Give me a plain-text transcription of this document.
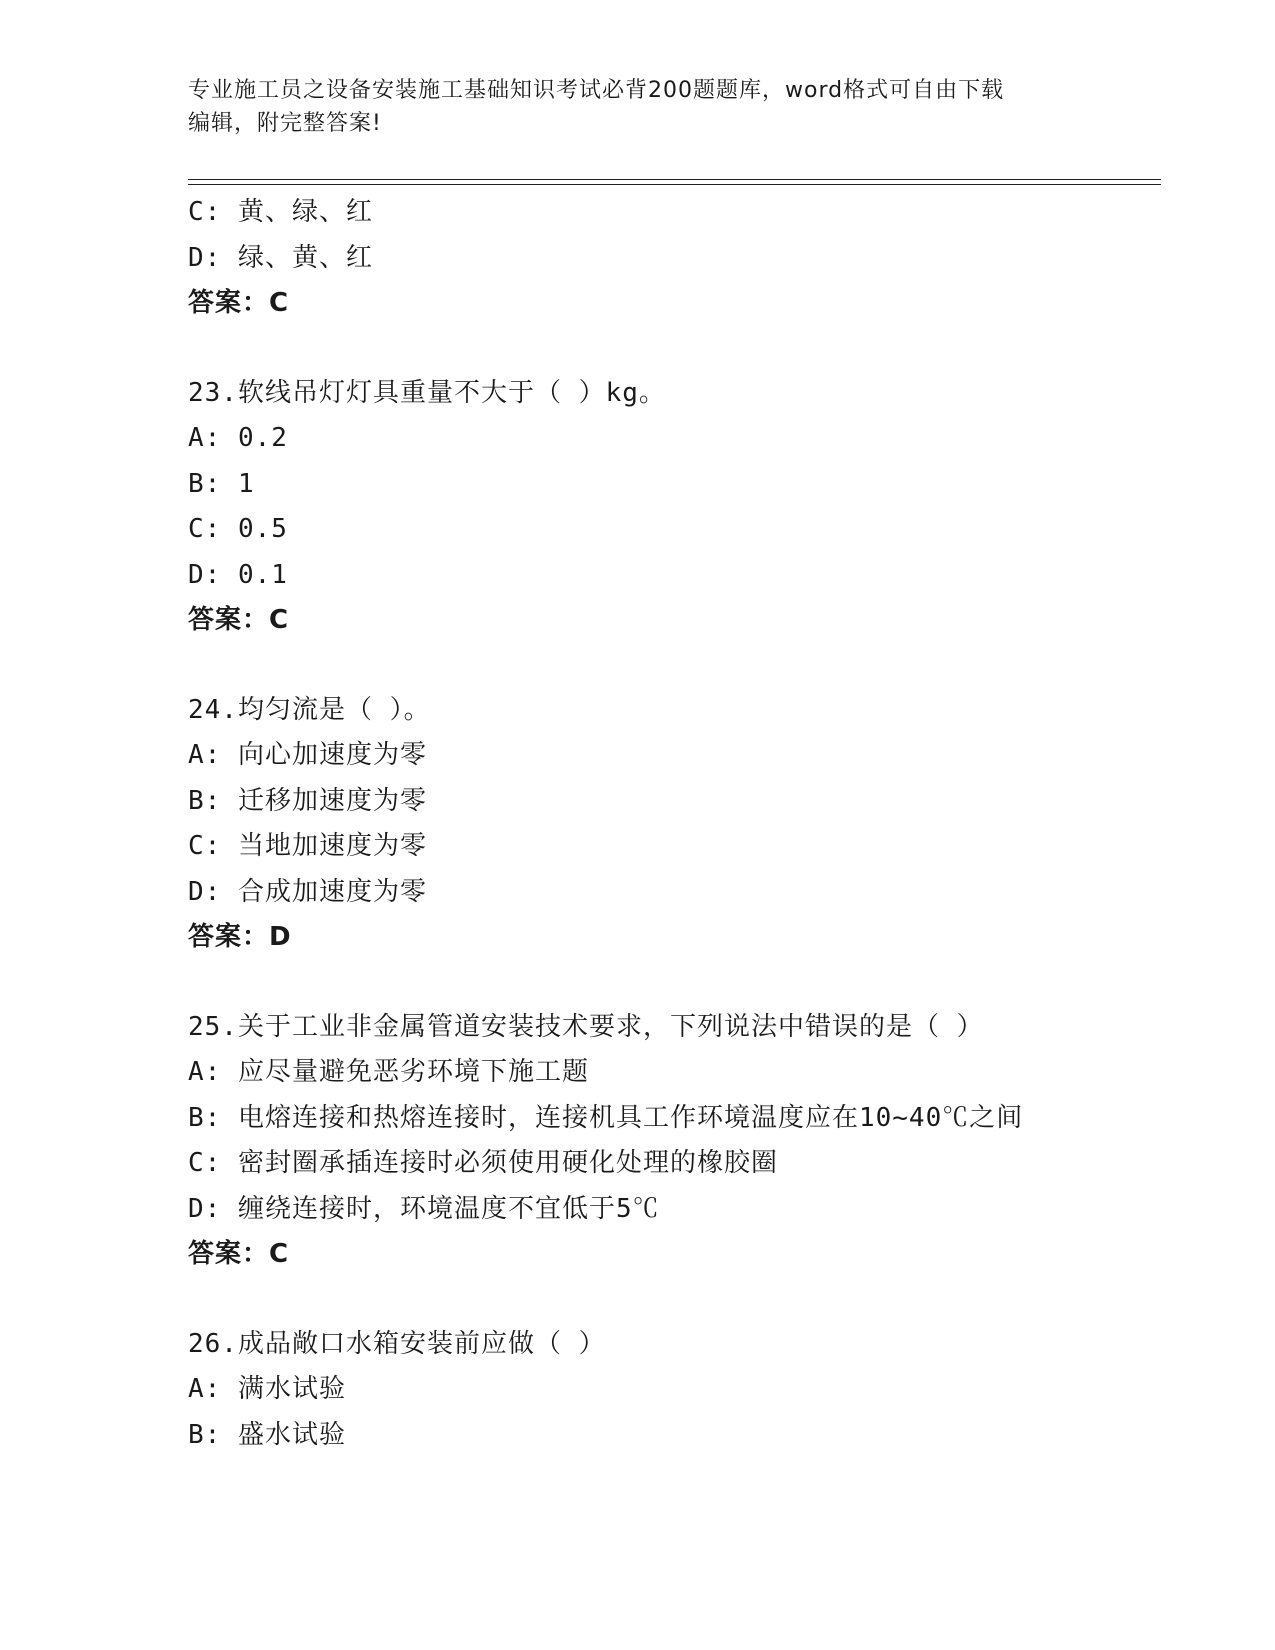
专业施工员之设备安装施工基础知识考试必背200题题库，word格式可自由下载
编辑，附完整答案!
C: 黄、绿、红
D: 绿、黄、红
答案：C
23.软线吊灯灯具重量不大于（ ）kg。
A: 0.2
B: 1
C: 0.5
D: 0.1
答案：C
24.均匀流是（ ）。
A: 向心加速度为零
B: 迁移加速度为零
C: 当地加速度为零
D: 合成加速度为零
答案：D
25.关于工业非金属管道安装技术要求，下列说法中错误的是（ ）
A: 应尽量避免恶劣环境下施工题
B: 电熔连接和热熔连接时，连接机具工作环境温度应在10~40℃之间
C: 密封圈承插连接时必须使用硬化处理的橡胶圈
D: 缠绕连接时，环境温度不宜低于5℃
答案：C
26.成品敞口水箱安装前应做（ ）
A: 满水试验
B: 盛水试验
